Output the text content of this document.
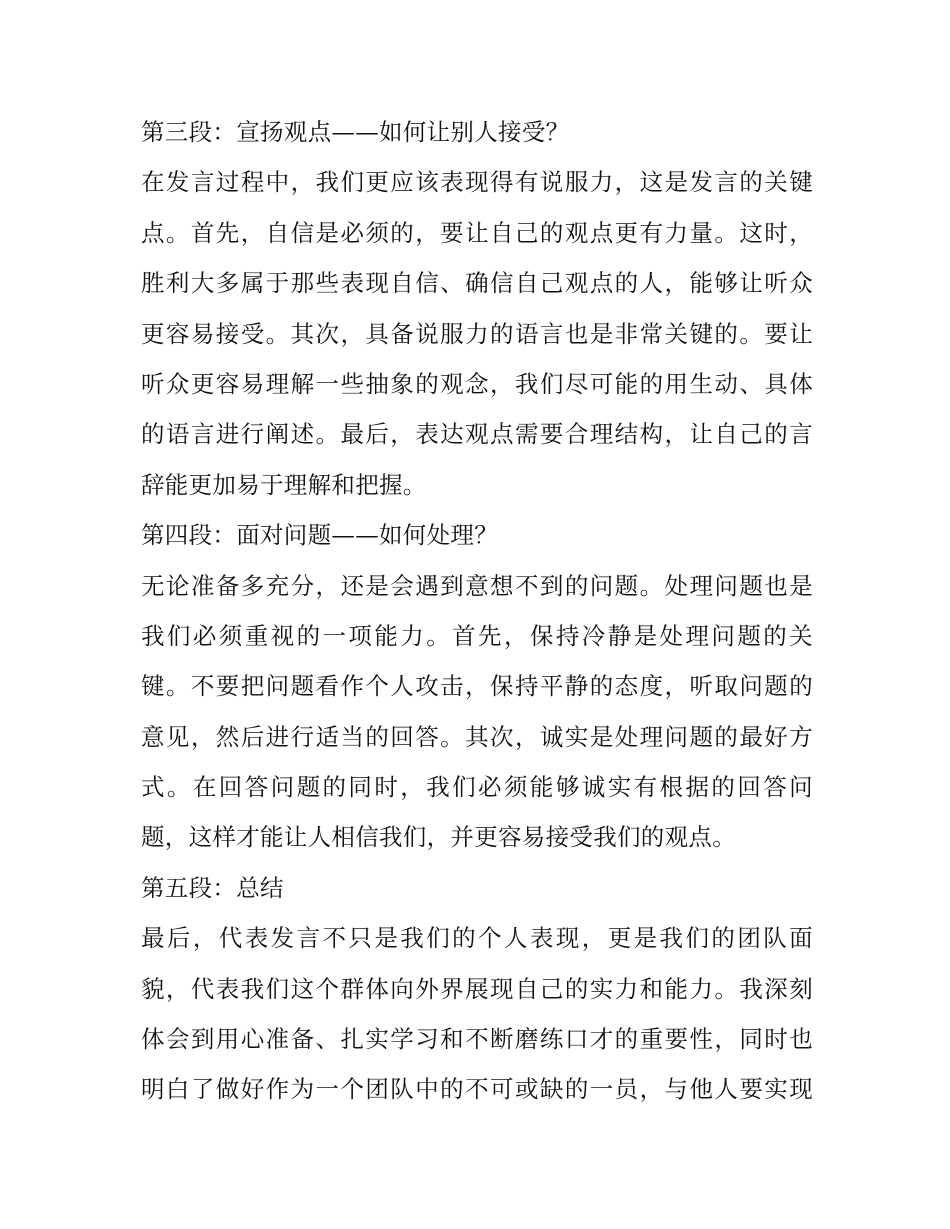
第三段：宣扬观点——如何让别人接受？
在发言过程中，我们更应该表现得有说服力，这是发言的关键
点。首先，自信是必须的，要让自己的观点更有力量。这时，
胜利大多属于那些表现自信、确信自己观点的人，能够让听众
更容易接受。其次，具备说服力的语言也是非常关键的。要让
听众更容易理解一些抽象的观念，我们尽可能的用生动、具体
的语言进行阐述。最后，表达观点需要合理结构，让自己的言
辞能更加易于理解和把握。
第四段：面对问题——如何处理？
无论准备多充分，还是会遇到意想不到的问题。处理问题也是
我们必须重视的一项能力。首先，保持冷静是处理问题的关
键。不要把问题看作个人攻击，保持平静的态度，听取问题的
意见，然后进行适当的回答。其次，诚实是处理问题的最好方
式。在回答问题的同时，我们必须能够诚实有根据的回答问
题，这样才能让人相信我们，并更容易接受我们的观点。
第五段：总结
最后，代表发言不只是我们的个人表现，更是我们的团队面
貌，代表我们这个群体向外界展现自己的实力和能力。我深刻
体会到用心准备、扎实学习和不断磨练口才的重要性，同时也
明白了做好作为一个团队中的不可或缺的一员，与他人要实现
